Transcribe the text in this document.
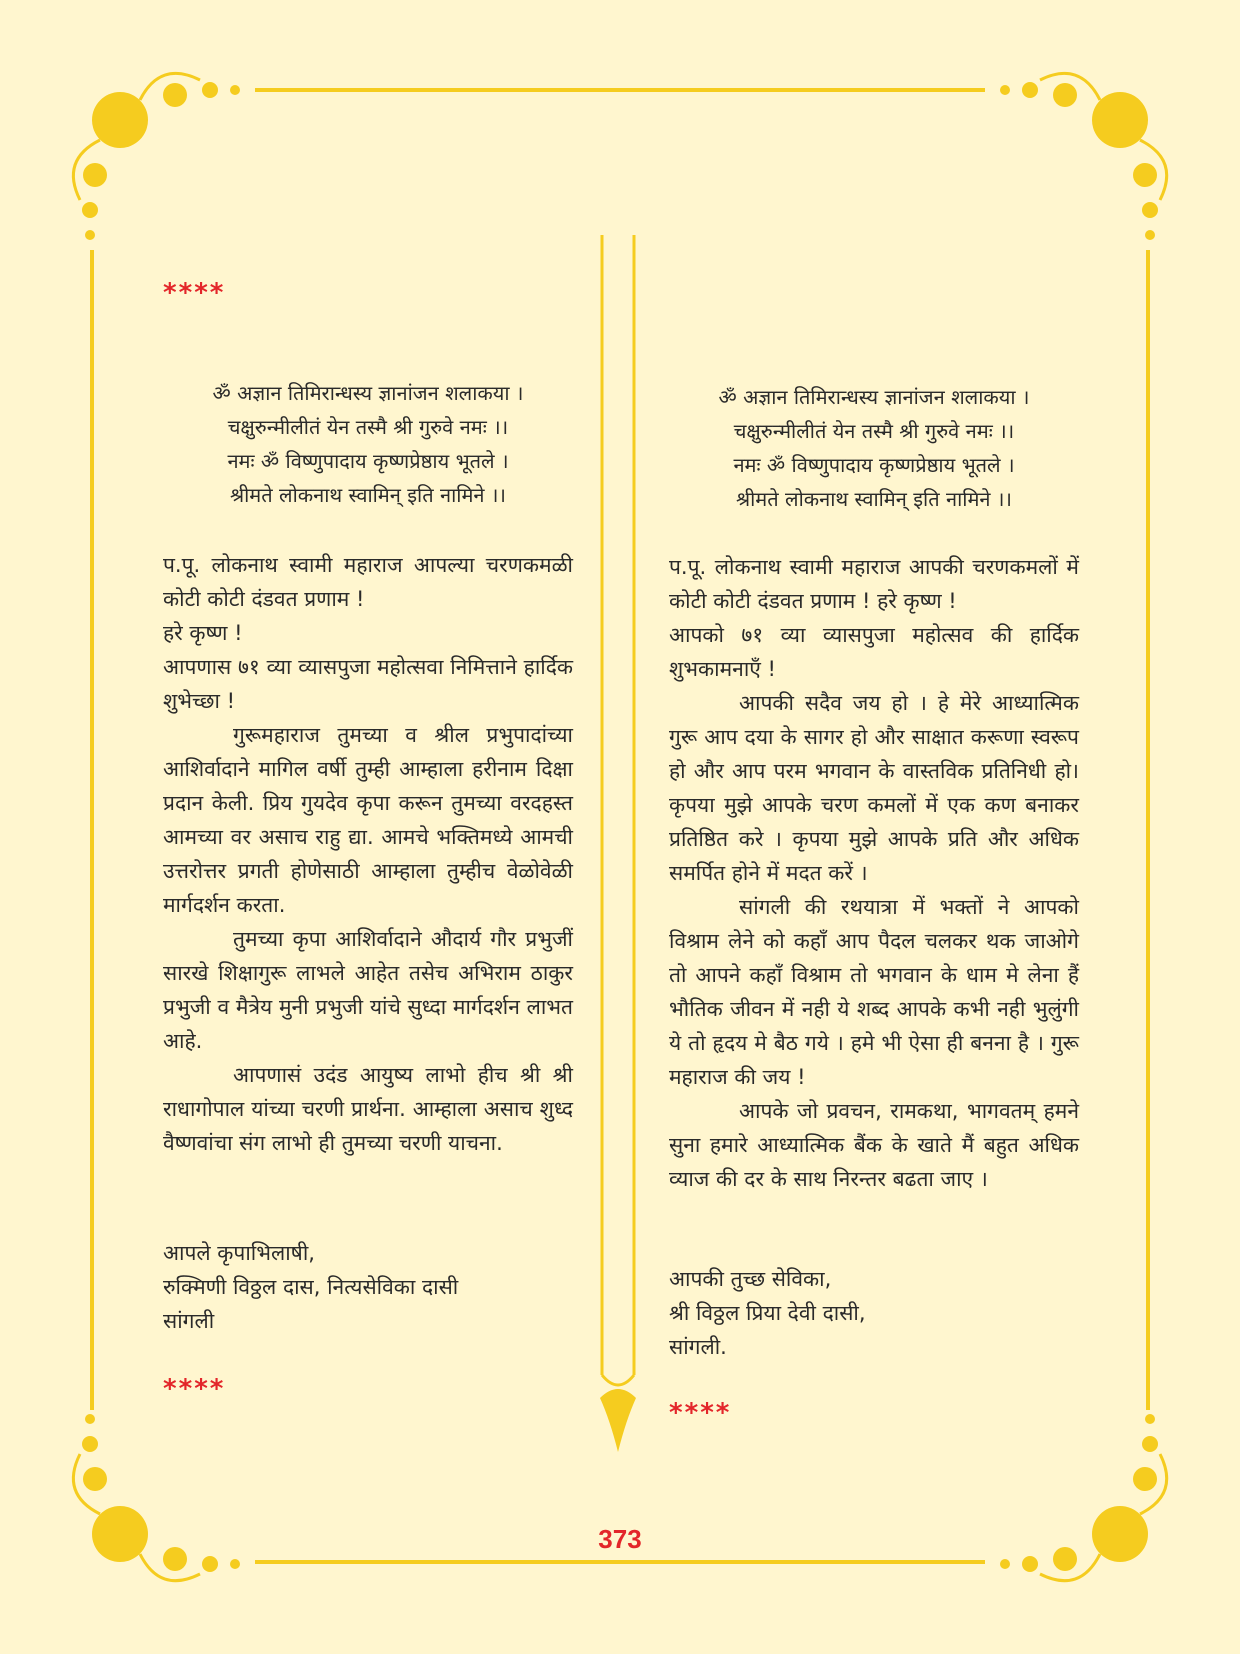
****
ॐ अज्ञान तिमिरान्धस्य ज्ञानांजन शलाकया ।
चक्षुरुन्मीलीतं येन तस्मै श्री गुरुवे नमः ।।
नमः ॐ विष्णुपादाय कृष्णप्रेष्ठाय भूतले ।
श्रीमते लोकनाथ स्वामिन् इति नामिने ।।

प.पू. लोकनाथ स्वामी महाराज आपल्या चरणकमळी कोटी कोटी दंडवत प्रणाम !

हरे कृष्ण !

आपणास ७१ व्या व्यासपुजा महोत्सवा निमित्ताने हार्दिक शुभेच्छा !

गुरूमहाराज तुमच्या व श्रील प्रभुपादांच्या आशिर्वादाने मागिल वर्षी तुम्ही आम्हाला हरीनाम दिक्षा प्रदान केली. प्रिय गुयदेव कृपा करून तुमच्या वरदहस्त आमच्या वर असाच राहु द्या. आमचे भक्तिमध्ये आमची उत्तरोत्तर प्रगती होणेसाठी आम्हाला तुम्हीच वेळोवेळी मार्गदर्शन करता.

तुमच्या कृपा आशिर्वादाने औदार्य गौर प्रभुजीं सारखे शिक्षागुरू लाभले आहेत तसेच अभिराम ठाकुर प्रभुजी व मैत्रेय मुनी प्रभुजी यांचे सुध्दा मार्गदर्शन लाभत आहे.

आपणासं उदंड आयुष्य लाभो हीच श्री श्री राधागोपाल यांच्या चरणी प्रार्थना. आम्हाला असाच शुध्द वैष्णवांचा संग लाभो ही तुमच्या चरणी याचना.

आपले कृपाभिलाषी,
रुक्मिणी विठ्ठल दास, नित्यसेविका दासी
सांगली
****
ॐ अज्ञान तिमिरान्धस्य ज्ञानांजन शलाकया ।
चक्षुरुन्मीलीतं येन तस्मै श्री गुरुवे नमः ।।
नमः ॐ विष्णुपादाय कृष्णप्रेष्ठाय भूतले ।
श्रीमते लोकनाथ स्वामिन् इति नामिने ।।

प.पू. लोकनाथ स्वामी महाराज आपकी चरणकमलों में कोटी कोटी दंडवत प्रणाम ! हरे कृष्ण !

आपको ७१ व्या व्यासपुजा महोत्सव की हार्दिक शुभकामनाएँ !

आपकी सदैव जय हो । हे मेरे आध्यात्मिक गुरू आप दया के सागर हो और साक्षात करूणा स्वरूप हो और आप परम भगवान के वास्तविक प्रतिनिधी हो। कृपया मुझे आपके चरण कमलों में एक कण बनाकर प्रतिष्ठित करे । कृपया मुझे आपके प्रति और अधिक समर्पित होने में मदत करें ।

सांगली की रथयात्रा में भक्तों ने आपको विश्राम लेने को कहाँ आप पैदल चलकर थक जाओगे तो आपने कहाँ विश्राम तो भगवान के धाम मे लेना हैं भौतिक जीवन में नही ये शब्द आपके कभी नही भुलुंगी ये तो हृदय मे बैठ गये । हमे भी ऐसा ही बनना है । गुरू महाराज की जय !

आपके जो प्रवचन, रामकथा, भागवतम् हमने सुना हमारे आध्यात्मिक बैंक के खाते मैं बहुत अधिक व्याज की दर के साथ निरन्तर बढता जाए ।

आपकी तुच्छ सेविका,
श्री विठ्ठल प्रिया देवी दासी,
सांगली.
****
373
